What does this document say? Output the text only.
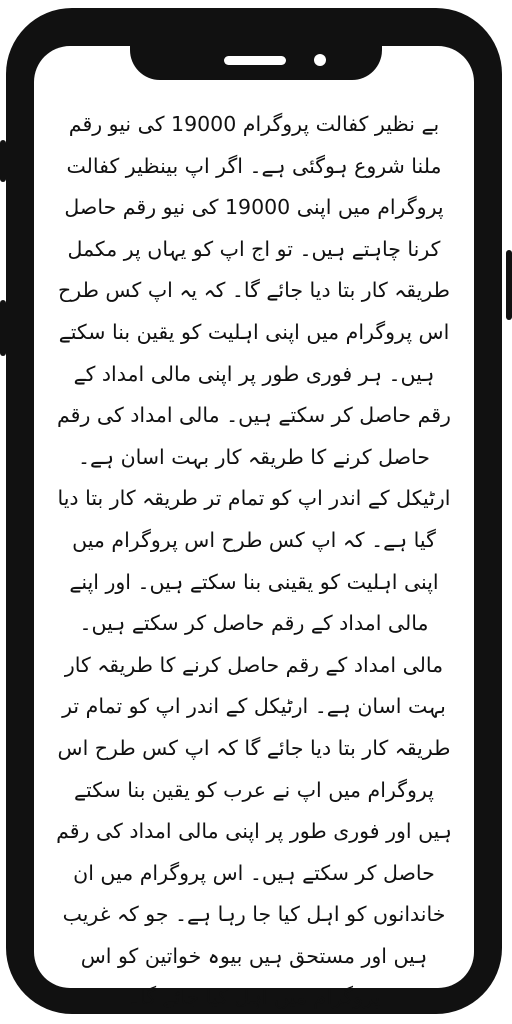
بے نظیر کفالت پروگرام 19000 کی نیو رقم ملنا شروع ہوگئی ہے۔ اگر اپ بینظیر کفالت پروگرام میں اپنی 19000 کی نیو رقم حاصل کرنا چاہتے ہیں۔ تو اج اپ کو یہاں پر مکمل طریقہ کار بتا دیا جائے گا۔ کہ یہ اپ کس طرح اس پروگرام میں اپنی اہلیت کو یقین بنا سکتے ہیں۔ ہر فوری طور پر اپنی مالی امداد کے رقم حاصل کر سکتے ہیں۔ مالی امداد کی رقم حاصل کرنے کا طریقہ کار بہت اسان ہے۔ ارٹیکل کے اندر اپ کو تمام تر طریقہ کار بتا دیا گیا ہے۔ کہ اپ کس طرح اس پروگرام میں اپنی اہلیت کو یقینی بنا سکتے ہیں۔ اور اپنے مالی امداد کے رقم حاصل کر سکتے ہیں۔ مالی امداد کے رقم حاصل کرنے کا طریقہ کار بہت اسان ہے۔ ارٹیکل کے اندر اپ کو تمام تر طریقہ کار بتا دیا جائے گا کہ اپ کس طرح اس پروگرام میں اپ نے عرب کو یقین بنا سکتے ہیں اور فوری طور پر اپنی مالی امداد کی رقم حاصل کر سکتے ہیں۔ اس پروگرام میں ان خاندانوں کو اہل کیا جا رہا ہے۔ جو کہ غریب ہیں اور مستحق ہیں بیوہ خواتین کو اس پروگرام میں اہل کیا جائے گا۔
